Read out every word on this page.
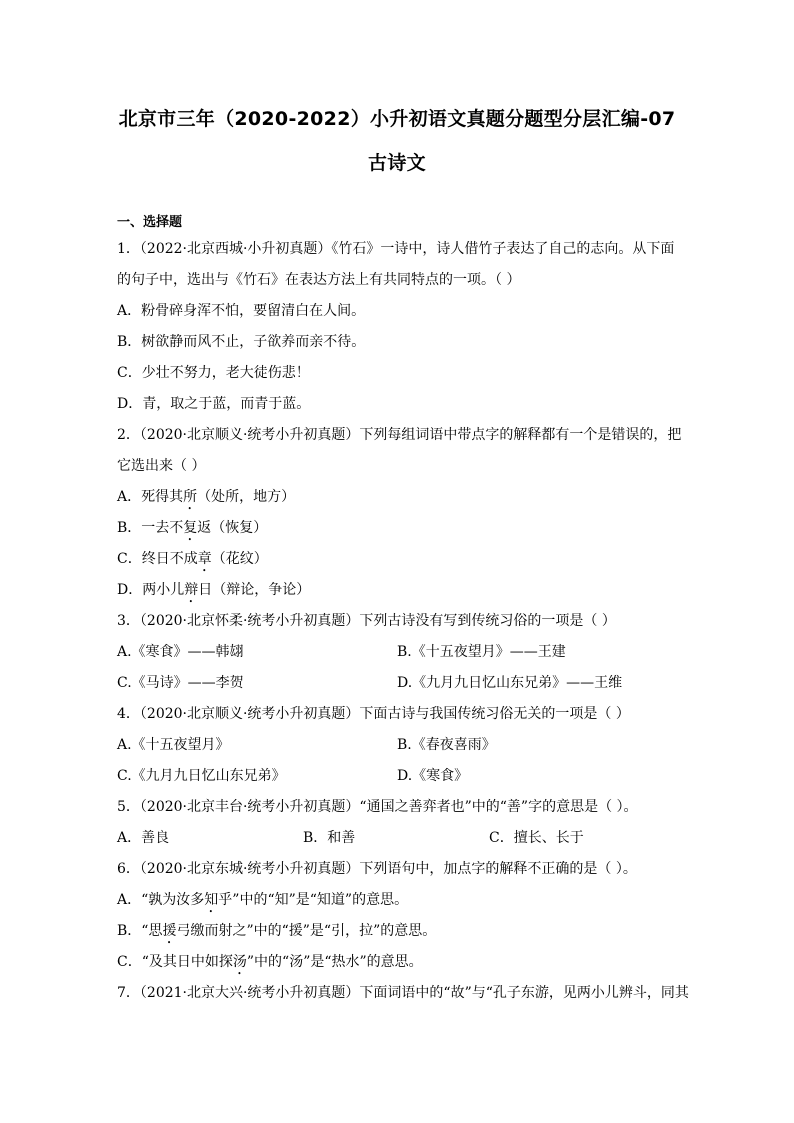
北京市三年（2020-2022）小升初语文真题分题型分层汇编-07
古诗文
一、选择题
1．（2022·北京西城·小升初真题）《竹石》一诗中，诗人借竹子表达了自己的志向。从下面
的句子中，选出与《竹石》在表达方法上有共同特点的一项。（ ）
A．粉骨碎身浑不怕，要留清白在人间。
B．树欲静而风不止，子欲养而亲不待。
C．少壮不努力，老大徒伤悲！
D．青，取之于蓝，而青于蓝。
2．（2020·北京顺义·统考小升初真题）下列每组词语中带点字的解释都有一个是错误的，把
它选出来（ ）
A．死得其所（处所，地方）
B．一去不复返（恢复）
C．终日不成章（花纹）
D．两小儿辩日（辩论，争论）
3．（2020·北京怀柔·统考小升初真题）下列古诗没有写到传统习俗的一项是（ ）
A.《寒食》——韩翃	B.《十五夜望月》——王建
C.《马诗》——李贺	D.《九月九日忆山东兄弟》——王维
4．（2020·北京顺义·统考小升初真题）下面古诗与我国传统习俗无关的一项是（ ）
A.《十五夜望月》	B.《春夜喜雨》
C.《九月九日忆山东兄弟》	D.《寒食》
5．（2020·北京丰台·统考小升初真题）“通国之善弈者也”中的“善”字的意思是（ ）。
A．善良	B．和善	C．擅长、长于
6．（2020·北京东城·统考小升初真题）下列语句中，加点字的解释不正确的是（ ）。
A．“孰为汝多知乎”中的“知”是“知道”的意思。
B．“思援弓缴而射之”中的“援”是“引，拉”的意思。
C．“及其日中如探汤”中的“汤”是“热水”的意思。
7．（2021·北京大兴·统考小升初真题）下面词语中的“故”与“孔子东游，见两小儿辨斗，同其
